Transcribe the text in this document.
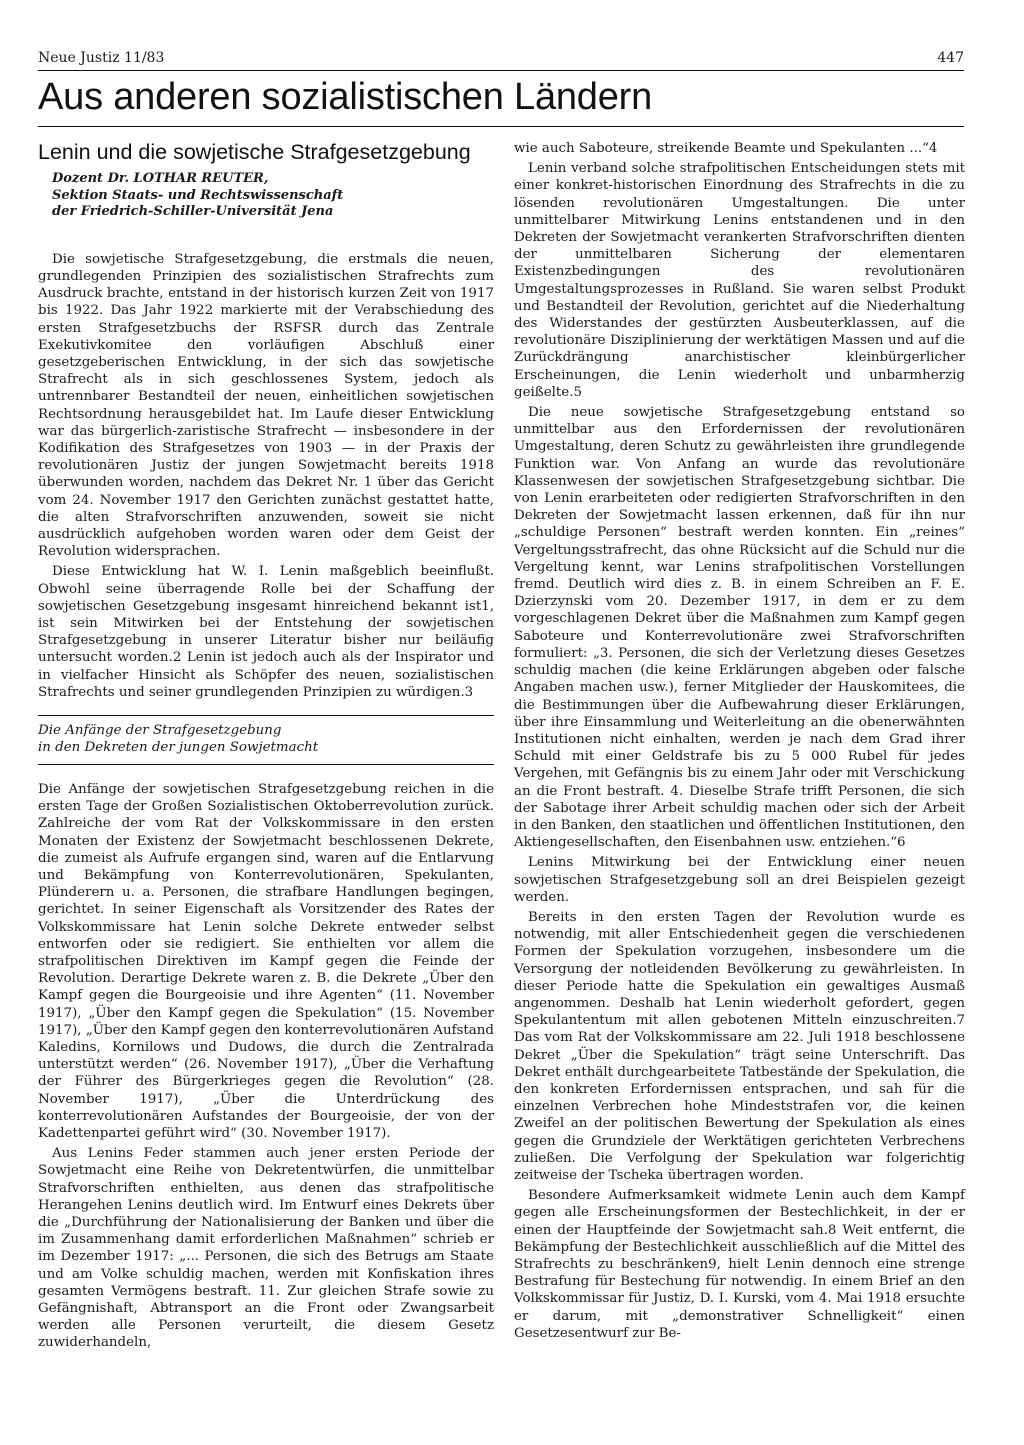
Neue Justiz 11/83	447
Aus anderen sozialistischen Ländern
Lenin und die sowjetische Strafgesetzgebung
Dozent Dr. LOTHAR REUTER,
Sektion Staats- und Rechtswissenschaft
der Friedrich-Schiller-Universität Jena

Die sowjetische Strafgesetzgebung, die erstmals die neuen, grundlegenden Prinzipien des sozialistischen Strafrechts zum Ausdruck brachte, entstand in der historisch kurzen Zeit von 1917 bis 1922. Das Jahr 1922 markierte mit der Verabschiedung des ersten Strafgesetzbuchs der RSFSR durch das Zentrale Exekutivkomitee den vorläufigen Abschluß einer gesetzgeberischen Entwicklung, in der sich das sowjetische Strafrecht als in sich geschlossenes System, jedoch als untrennbarer Bestandteil der neuen, einheitlichen sowjetischen Rechtsordnung herausgebildet hat. Im Laufe dieser Entwicklung war das bürgerlich-zaristische Strafrecht — insbesondere in der Kodifikation des Strafgesetzes von 1903 — in der Praxis der revolutionären Justiz der jungen Sowjetmacht bereits 1918 überwunden worden, nachdem das Dekret Nr. 1 über das Gericht vom 24. November 1917 den Gerichten zunächst gestattet hatte, die alten Strafvorschriften anzuwenden, soweit sie nicht ausdrücklich aufgehoben worden waren oder dem Geist der Revolution widersprachen.

Diese Entwicklung hat W. I. Lenin maßgeblich beeinflußt. Obwohl seine überragende Rolle bei der Schaffung der sowjetischen Gesetzgebung insgesamt hinreichend bekannt ist1, ist sein Mitwirken bei der Entstehung der sowjetischen Strafgesetzgebung in unserer Literatur bisher nur beiläufig untersucht worden.2 Lenin ist jedoch auch als der Inspirator und in vielfacher Hinsicht als Schöpfer des neuen, sozialistischen Strafrechts und seiner grundlegenden Prinzipien zu würdigen.3

Die Anfänge der Strafgesetzgebung
in den Dekreten der jungen Sowjetmacht

Die Anfänge der sowjetischen Strafgesetzgebung reichen in die ersten Tage der Großen Sozialistischen Oktoberrevolution zurück. Zahlreiche der vom Rat der Volkskommissare in den ersten Monaten der Existenz der Sowjetmacht beschlossenen Dekrete, die zumeist als Aufrufe ergangen sind, waren auf die Entlarvung und Bekämpfung von Konterrevolutionären, Spekulanten, Plünderern u. a. Personen, die strafbare Handlungen begingen, gerichtet. In seiner Eigenschaft als Vorsitzender des Rates der Volkskommissare hat Lenin solche Dekrete entweder selbst entworfen oder sie redigiert. Sie enthielten vor allem die strafpolitischen Direktiven im Kampf gegen die Feinde der Revolution. Derartige Dekrete waren z. B. die Dekrete „Über den Kampf gegen die Bourgeoisie und ihre Agenten“ (11. November 1917), „Über den Kampf gegen die Spekulation“ (15. November 1917), „Über den Kampf gegen den konterrevolutionären Aufstand Kaledins, Kornilows und Dudows, die durch die Zentralrada unterstützt werden“ (26. November 1917), „Über die Verhaftung der Führer des Bürgerkrieges gegen die Revolution“ (28. November 1917), „Über die Unterdrückung des konterrevolutionären Aufstandes der Bourgeoisie, der von der Kadettenpartei geführt wird“ (30. November 1917).

Aus Lenins Feder stammen auch jener ersten Periode der Sowjetmacht eine Reihe von Dekretentwürfen, die unmittelbar Strafvorschriften enthielten, aus denen das strafpolitische Herangehen Lenins deutlich wird. Im Entwurf eines Dekrets über die „Durchführung der Nationalisierung der Banken und über die im Zusammenhang damit erforderlichen Maßnahmen“ schrieb er im Dezember 1917: „... Personen, die sich des Betrugs am Staate und am Volke schuldig machen, werden mit Konfiskation ihres gesamten Vermögens bestraft. 11. Zur gleichen Strafe sowie zu Gefängnishaft, Abtransport an die Front oder Zwangsarbeit werden alle Personen verurteilt, die diesem Gesetz zuwiderhandeln,

wie auch Saboteure, streikende Beamte und Spekulanten ...“4

Lenin verband solche strafpolitischen Entscheidungen stets mit einer konkret-historischen Einordnung des Strafrechts in die zu lösenden revolutionären Umgestaltungen. Die unter unmittelbarer Mitwirkung Lenins entstandenen und in den Dekreten der Sowjetmacht verankerten Strafvorschriften dienten der unmittelbaren Sicherung der elementaren Existenzbedingungen des revolutionären Umgestaltungsprozesses in Rußland. Sie waren selbst Produkt und Bestandteil der Revolution, gerichtet auf die Niederhaltung des Widerstandes der gestürzten Ausbeuterklassen, auf die revolutionäre Disziplinierung der werktätigen Massen und auf die Zurückdrängung anarchistischer kleinbürgerlicher Erscheinungen, die Lenin wiederholt und unbarmherzig geißelte.5

Die neue sowjetische Strafgesetzgebung entstand so unmittelbar aus den Erfordernissen der revolutionären Umgestaltung, deren Schutz zu gewährleisten ihre grundlegende Funktion war. Von Anfang an wurde das revolutionäre Klassenwesen der sowjetischen Strafgesetzgebung sichtbar. Die von Lenin erarbeiteten oder redigierten Strafvorschriften in den Dekreten der Sowjetmacht lassen erkennen, daß für ihn nur „schuldige Personen“ bestraft werden konnten. Ein „reines“ Vergeltungsstrafrecht, das ohne Rücksicht auf die Schuld nur die Vergeltung kennt, war Lenins strafpolitischen Vorstellungen fremd. Deutlich wird dies z. B. in einem Schreiben an F. E. Dzierzynski vom 20. Dezember 1917, in dem er zu dem vorgeschlagenen Dekret über die Maßnahmen zum Kampf gegen Saboteure und Konterrevolutionäre zwei Strafvorschriften formuliert: „3. Personen, die sich der Verletzung dieses Gesetzes schuldig machen (die keine Erklärungen abgeben oder falsche Angaben machen usw.), ferner Mitglieder der Hauskomitees, die die Bestimmungen über die Aufbewahrung dieser Erklärungen, über ihre Einsammlung und Weiterleitung an die obenerwähnten Institutionen nicht einhalten, werden je nach dem Grad ihrer Schuld mit einer Geldstrafe bis zu 5 000 Rubel für jedes Vergehen, mit Gefängnis bis zu einem Jahr oder mit Verschickung an die Front bestraft. 4. Dieselbe Strafe trifft Personen, die sich der Sabotage ihrer Arbeit schuldig machen oder sich der Arbeit in den Banken, den staatlichen und öffentlichen Institutionen, den Aktiengesellschaften, den Eisenbahnen usw. entziehen.“6

Lenins Mitwirkung bei der Entwicklung einer neuen sowjetischen Strafgesetzgebung soll an drei Beispielen gezeigt werden.

Bereits in den ersten Tagen der Revolution wurde es notwendig, mit aller Entschiedenheit gegen die verschiedenen Formen der Spekulation vorzugehen, insbesondere um die Versorgung der notleidenden Bevölkerung zu gewährleisten. In dieser Periode hatte die Spekulation ein gewaltiges Ausmaß angenommen. Deshalb hat Lenin wiederholt gefordert, gegen Spekulantentum mit allen gebotenen Mitteln einzuschreiten.7 Das vom Rat der Volkskommissare am 22. Juli 1918 beschlossene Dekret „Über die Spekulation“ trägt seine Unterschrift. Das Dekret enthält durchgearbeitete Tatbestände der Spekulation, die den konkreten Erfordernissen entsprachen, und sah für die einzelnen Verbrechen hohe Mindeststrafen vor, die keinen Zweifel an der politischen Bewertung der Spekulation als eines gegen die Grundziele der Werktätigen gerichteten Verbrechens zuließen. Die Verfolgung der Spekulation war folgerichtig zeitweise der Tscheka übertragen worden.

Besondere Aufmerksamkeit widmete Lenin auch dem Kampf gegen alle Erscheinungsformen der Bestechlichkeit, in der er einen der Hauptfeinde der Sowjetmacht sah.8 Weit entfernt, die Bekämpfung der Bestechlichkeit ausschließlich auf die Mittel des Strafrechts zu beschränken9, hielt Lenin dennoch eine strenge Bestrafung für Bestechung für notwendig. In einem Brief an den Volkskommissar für Justiz, D. I. Kurski, vom 4. Mai 1918 ersuchte er darum, mit „demonstrativer Schnelligkeit“ einen Gesetzesentwurf zur Be-
